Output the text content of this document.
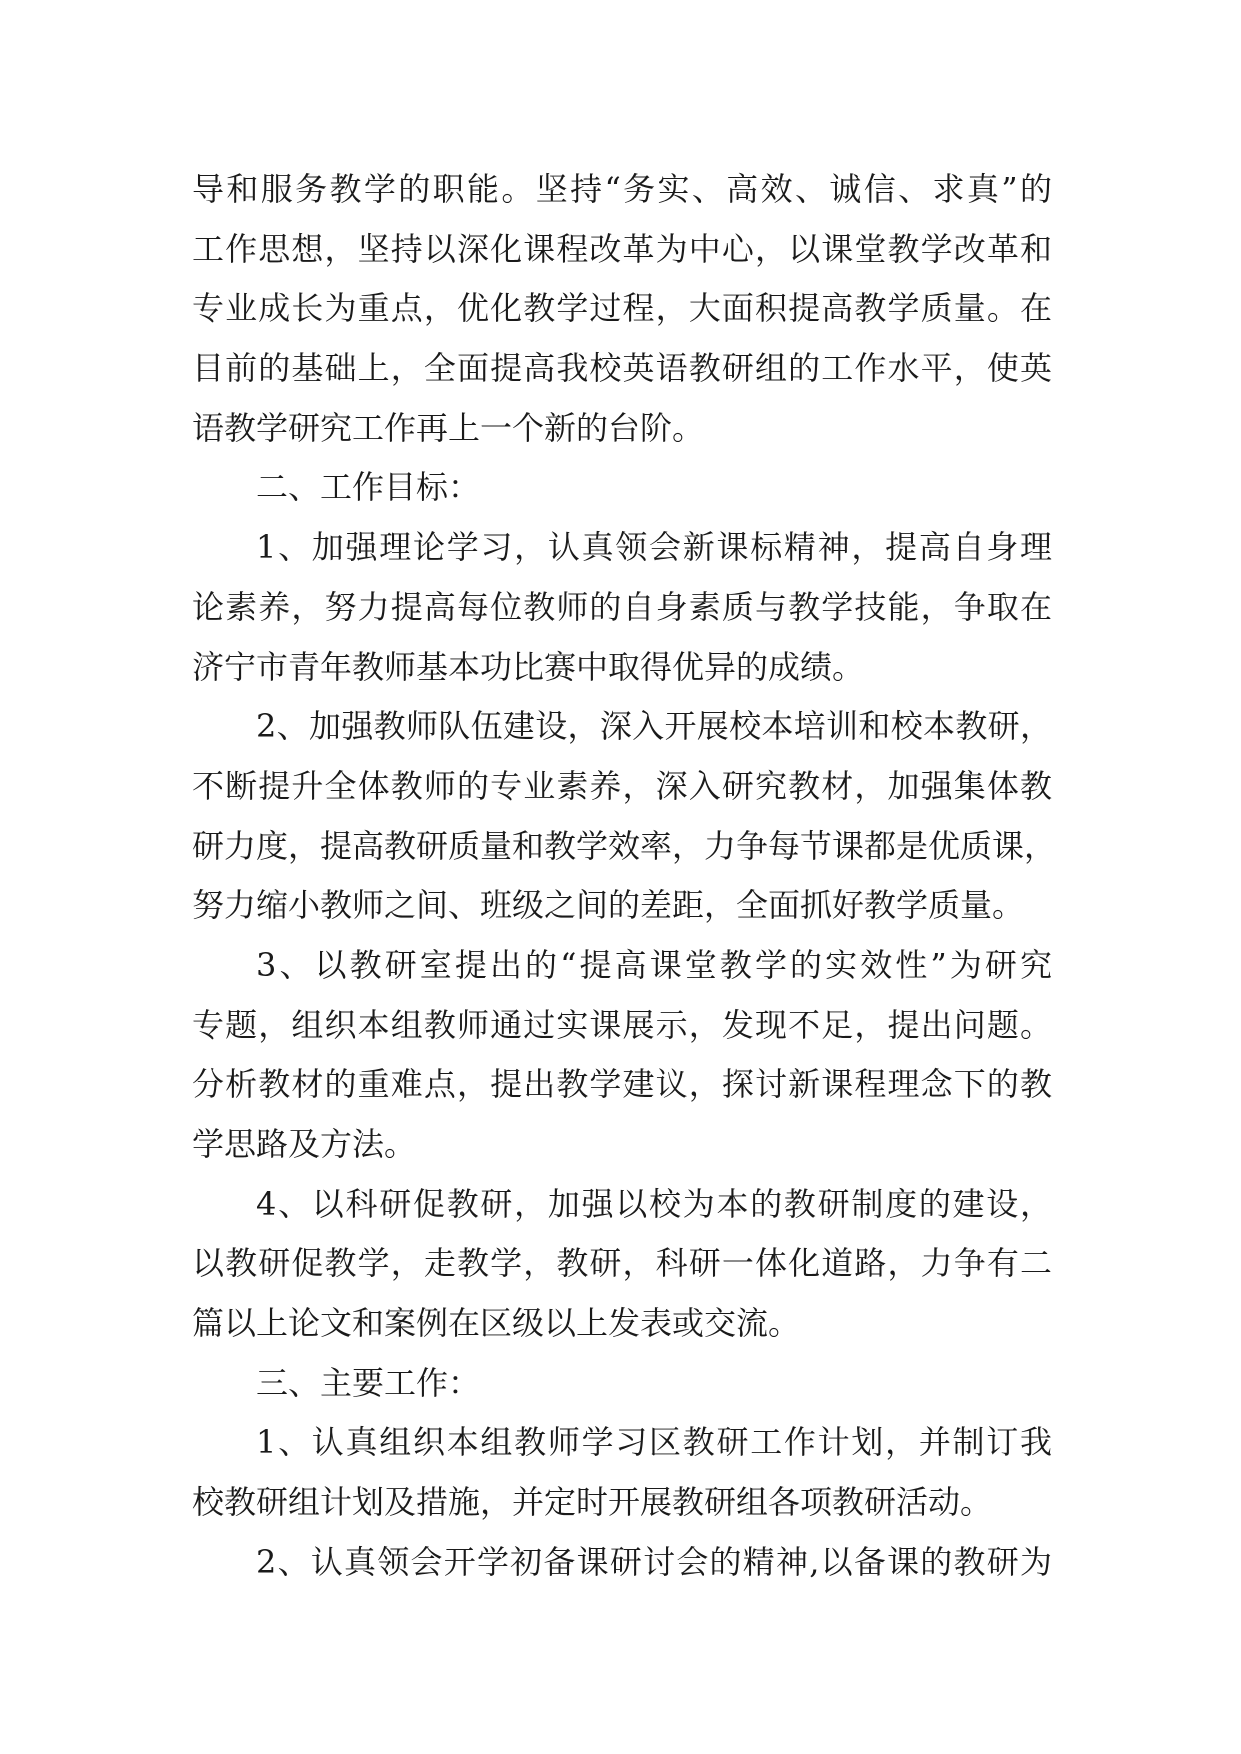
导和服务教学的职能。坚持“务实、高效、诚信、求真”的
工作思想，坚持以深化课程改革为中心，以课堂教学改革和
专业成长为重点，优化教学过程，大面积提高教学质量。在
目前的基础上，全面提高我校英语教研组的工作水平，使英
语教学研究工作再上一个新的台阶。
二、工作目标：
1、加强理论学习，认真领会新课标精神，提高自身理
论素养，努力提高每位教师的自身素质与教学技能，争取在
济宁市青年教师基本功比赛中取得优异的成绩。
2、加强教师队伍建设，深入开展校本培训和校本教研，
不断提升全体教师的专业素养，深入研究教材，加强集体教
研力度，提高教研质量和教学效率，力争每节课都是优质课，
努力缩小教师之间、班级之间的差距，全面抓好教学质量。
3、以教研室提出的“提高课堂教学的实效性”为研究
专题，组织本组教师通过实课展示，发现不足，提出问题。
分析教材的重难点，提出教学建议，探讨新课程理念下的教
学思路及方法。
4、以科研促教研，加强以校为本的教研制度的建设，
以教研促教学，走教学，教研，科研一体化道路，力争有二
篇以上论文和案例在区级以上发表或交流。
三、主要工作：
1、认真组织本组教师学习区教研工作计划，并制订我
校教研组计划及措施，并定时开展教研组各项教研活动。
2、认真领会开学初备课研讨会的精神,以备课的教研为
